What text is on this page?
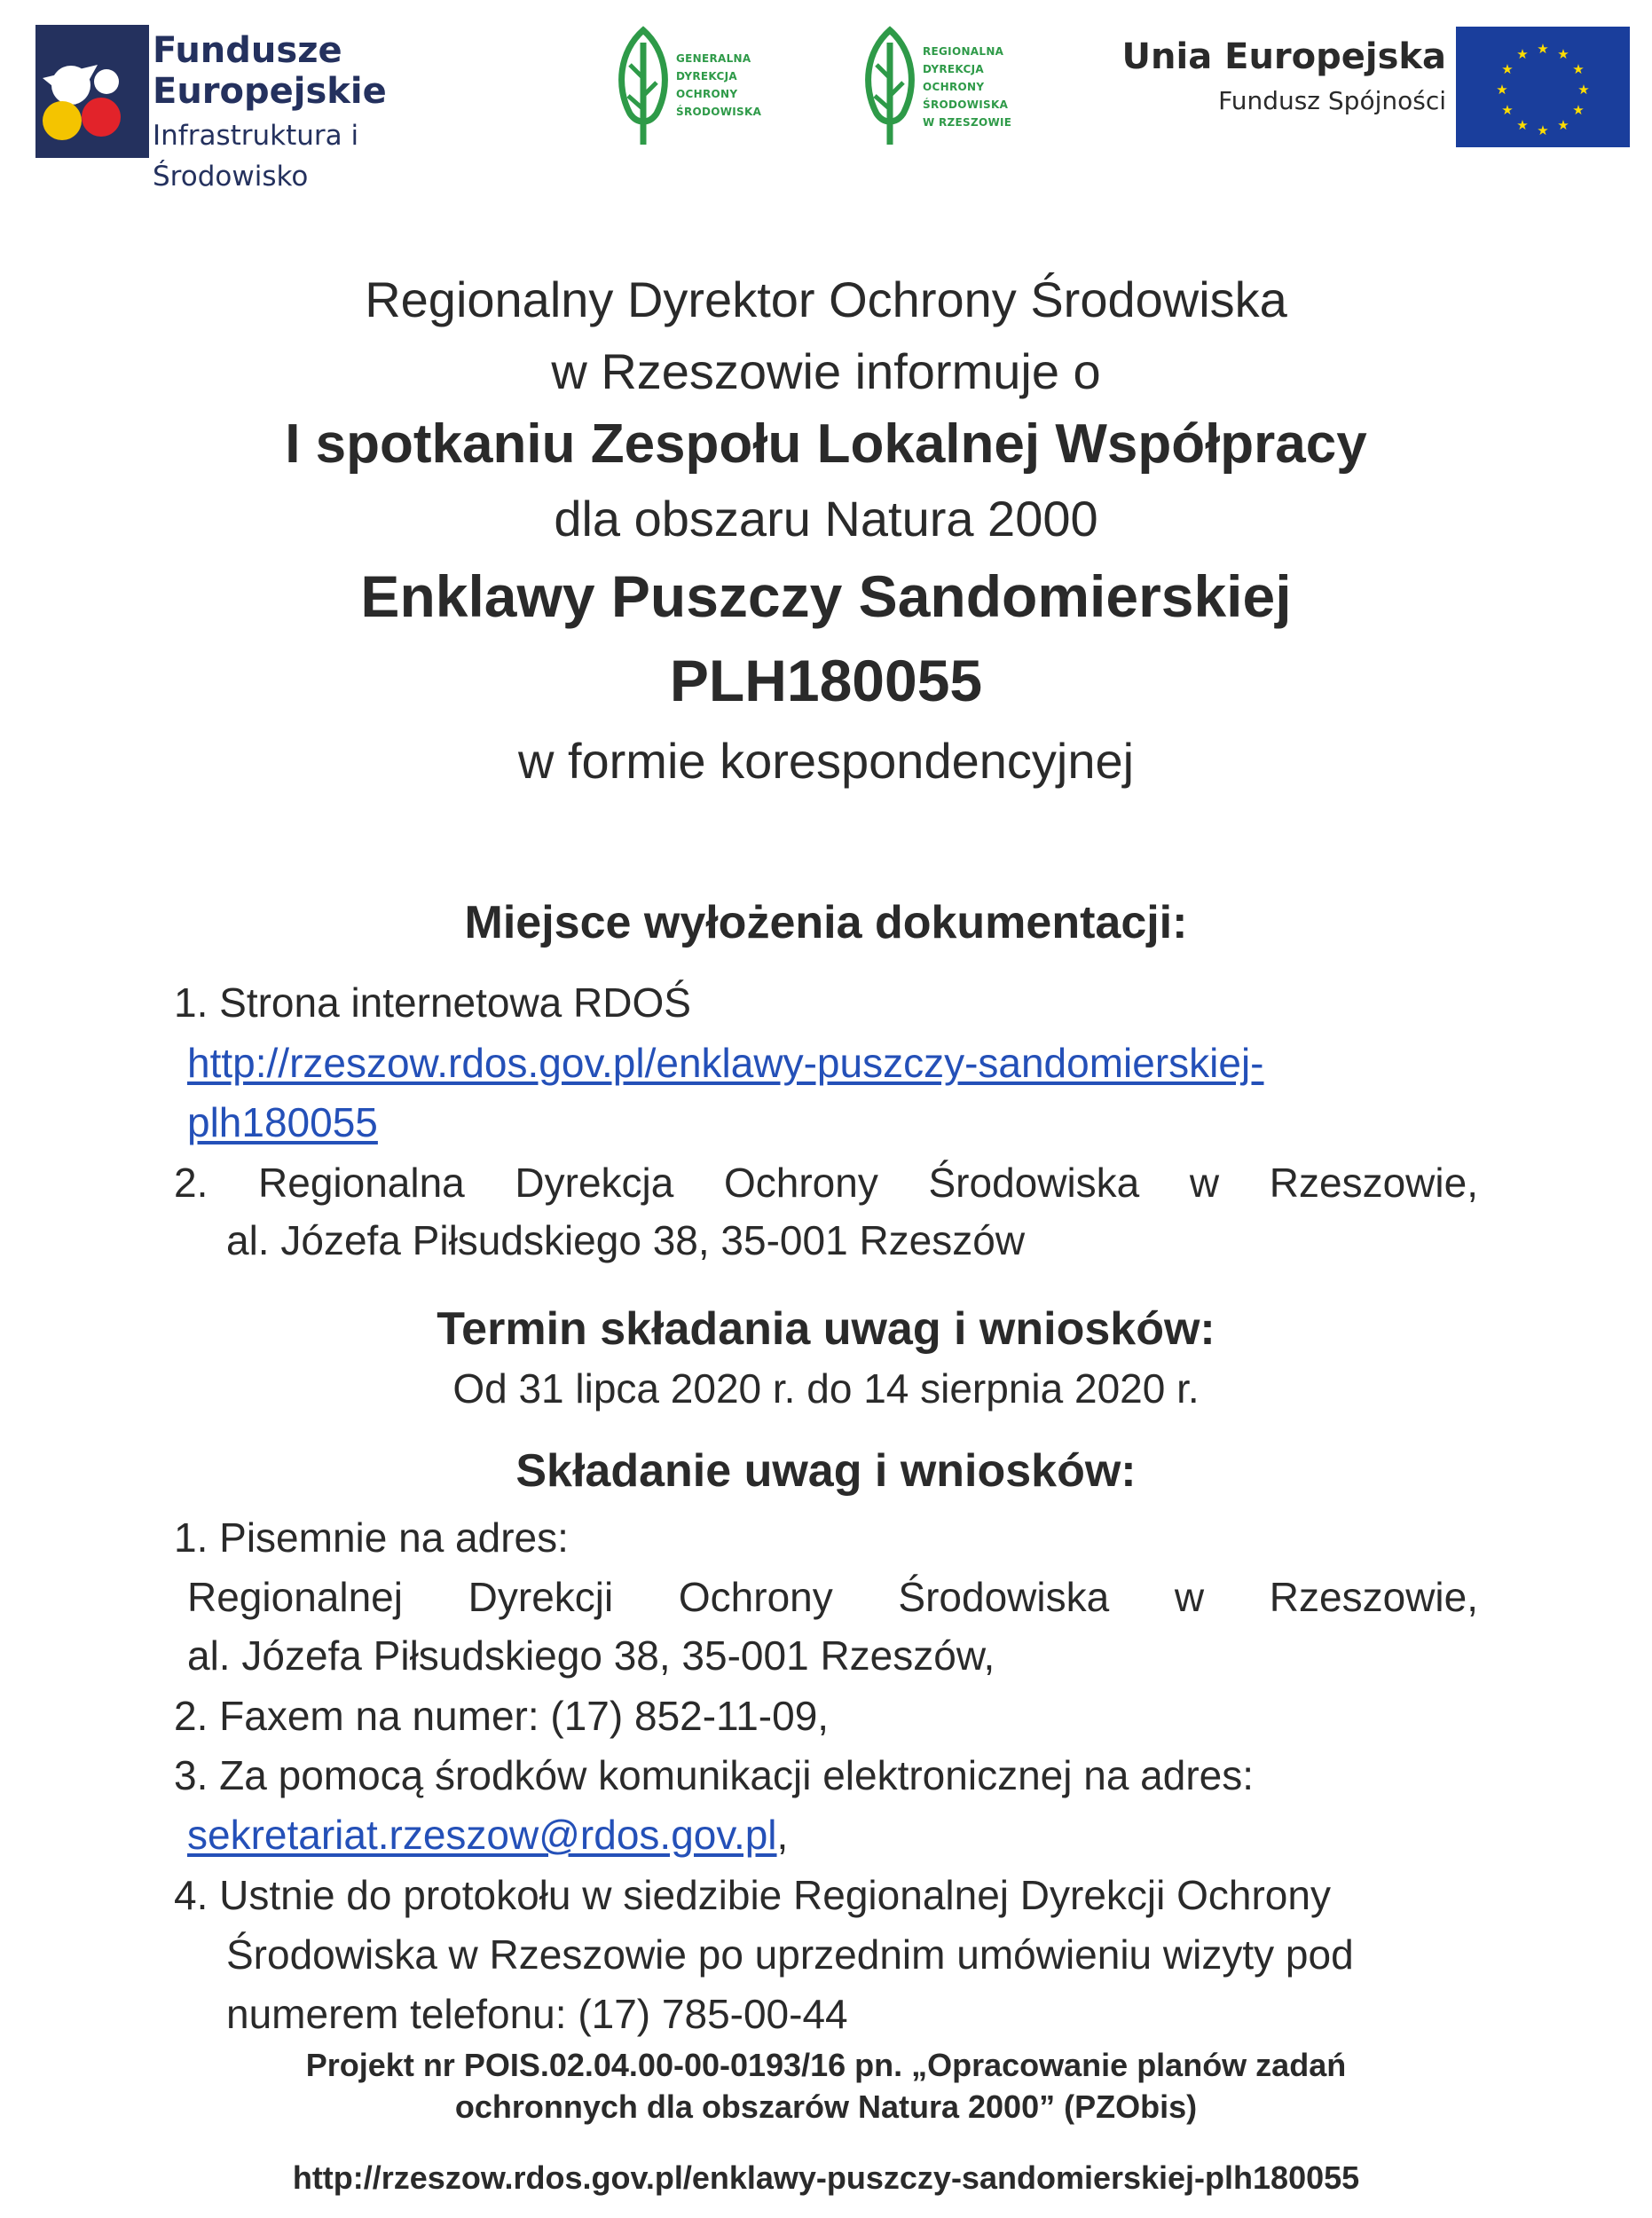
Fundusze
Europejskie
Infrastruktura i Środowisko
GENERALNA
DYREKCJA
OCHRONY
ŚRODOWISKA
REGIONALNA
DYREKCJA
OCHRONY
ŚRODOWISKA
W RZESZOWIE
Unia Europejska
Fundusz Spójności
★ ★
★
★
★
★
★
★
★
★
★
★
Regionalny Dyrektor Ochrony Środowiska
w Rzeszowie informuje o
I spotkaniu Zespołu Lokalnej Współpracy
dla obszaru Natura 2000
Enklawy Puszczy Sandomierskiej
PLH180055
w formie korespondencyjnej
Miejsce wyłożenia dokumentacji:
1. Strona internetowa RDOŚ
http://rzeszow.rdos.gov.pl/enklawy-puszczy-sandomierskiej-
plh180055
2. Regionalna Dyrekcja Ochrony Środowiska w Rzeszowie,
al. Józefa Piłsudskiego 38, 35-001 Rzeszów
Termin składania uwag i wniosków:
Od 31 lipca 2020 r. do 14 sierpnia 2020 r.
Składanie uwag i wniosków:
1. Pisemnie na adres:
Regionalnej Dyrekcji Ochrony Środowiska w Rzeszowie,
al. Józefa Piłsudskiego 38, 35-001 Rzeszów,
2. Faxem na numer: (17) 852-11-09,
3. Za pomocą środków komunikacji elektronicznej na adres:
sekretariat.rzeszow@rdos.gov.pl,
4. Ustnie do protokołu w siedzibie Regionalnej Dyrekcji Ochrony
Środowiska w Rzeszowie po uprzednim umówieniu wizyty pod
numerem telefonu: (17) 785-00-44
Projekt nr POIS.02.04.00-00-0193/16 pn. „Opracowanie planów zadań
ochronnych dla obszarów Natura 2000” (PZObis)
http://rzeszow.rdos.gov.pl/enklawy-puszczy-sandomierskiej-plh180055
